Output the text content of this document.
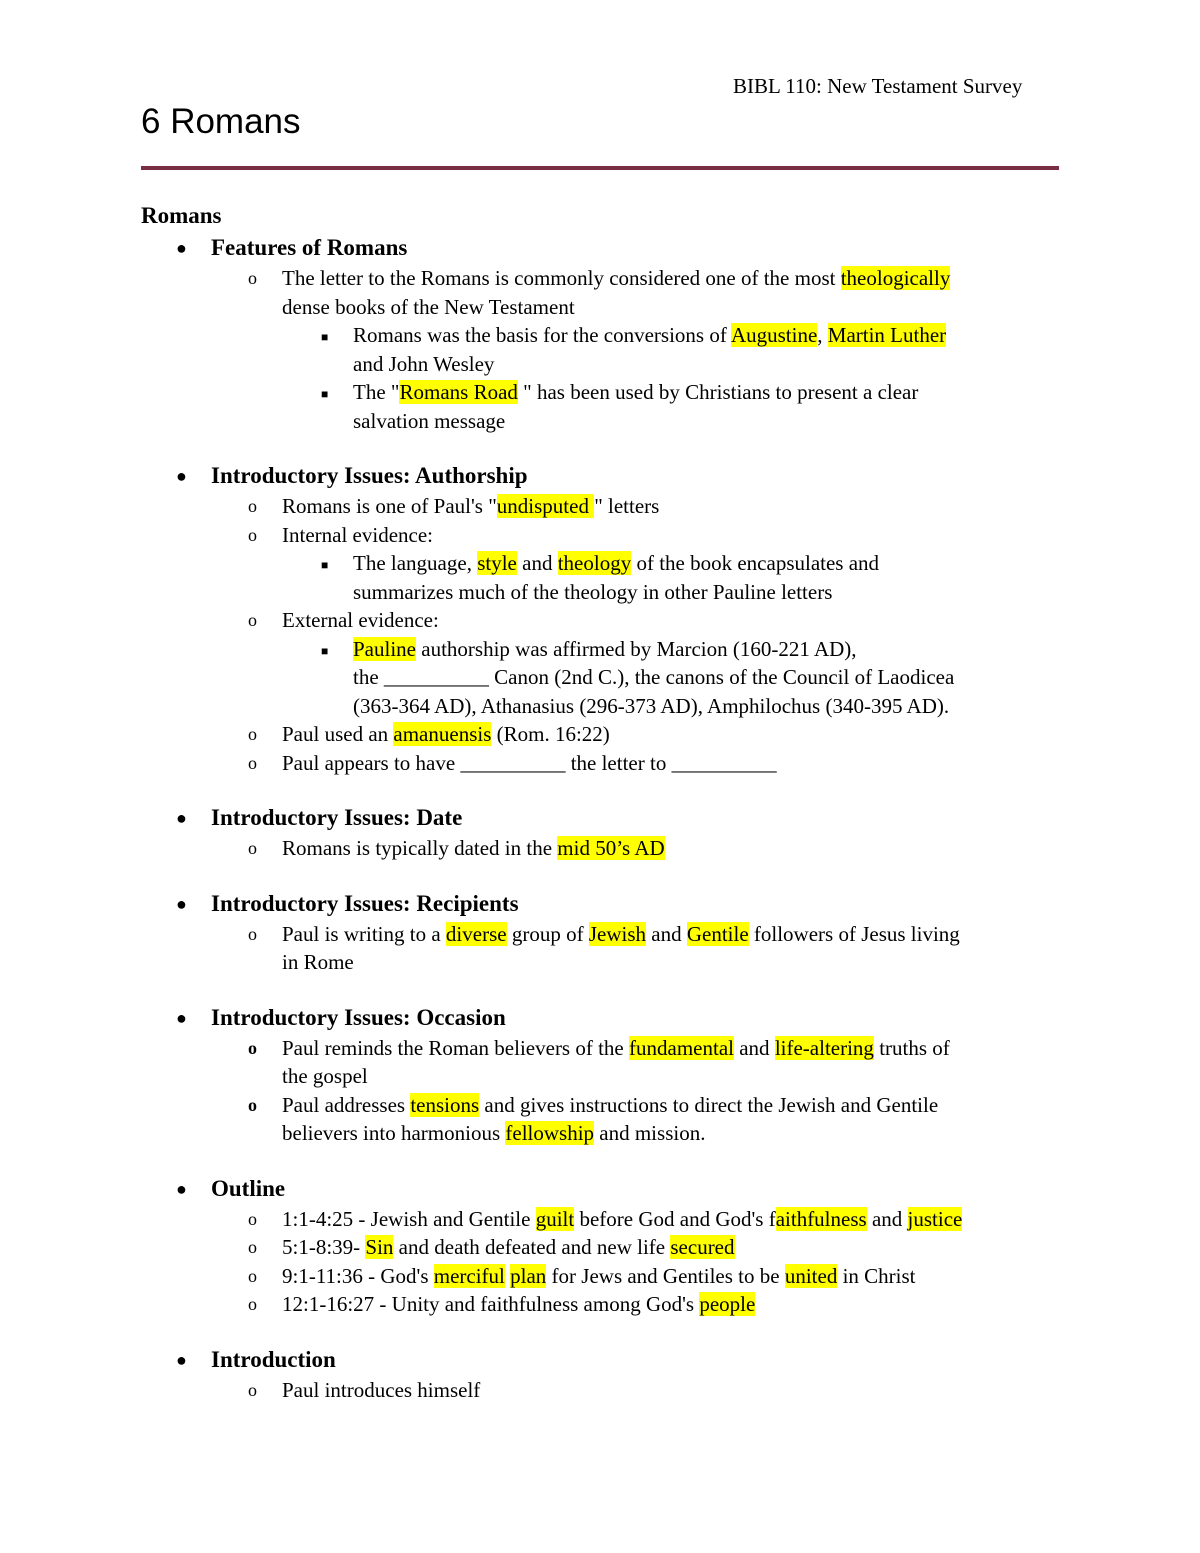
BIBL 110: New Testament Survey
6 Romans
Romans
● Features of Romans
o The letter to the Romans is commonly considered one of the most theologically
dense books of the New Testament
■ Romans was the basis for the conversions of Augustine, Martin Luther
and John Wesley
■ The "Romans Road " has been used by Christians to present a clear
salvation message
● Introductory Issues: Authorship
o Romans is one of Paul's "undisputed " letters
o Internal evidence:
■ The language, style and theology of the book encapsulates and
summarizes much of the theology in other Pauline letters
o External evidence:
■ Pauline authorship was affirmed by Marcion (160-221 AD),
the __________ Canon (2nd C.), the canons of the Council of Laodicea
(363-364 AD), Athanasius (296-373 AD), Amphilochus (340-395 AD).
o Paul used an amanuensis (Rom. 16:22)
o Paul appears to have __________ the letter to __________
● Introductory Issues: Date
o Romans is typically dated in the mid 50’s AD
● Introductory Issues: Recipients
o Paul is writing to a diverse group of Jewish and Gentile followers of Jesus living
in Rome
● Introductory Issues: Occasion
o Paul reminds the Roman believers of the fundamental and life-altering truths of
the gospel
o Paul addresses tensions and gives instructions to direct the Jewish and Gentile
believers into harmonious fellowship and mission.
● Outline
o 1:1-4:25 - Jewish and Gentile guilt before God and God's faithfulness and justice
o 5:1-8:39- Sin and death defeated and new life secured
o 9:1-11:36 - God's merciful plan for Jews and Gentiles to be united in Christ
o 12:1-16:27 - Unity and faithfulness among God's people
● Introduction
o Paul introduces himself
